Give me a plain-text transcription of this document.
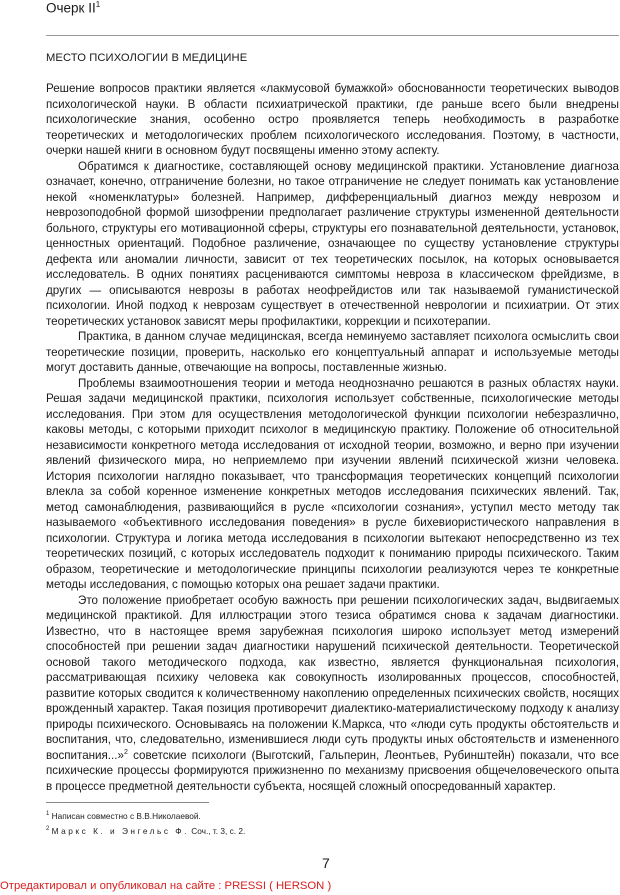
Очерк $II^1$
МЕСТО ПСИХОЛОГИИ В МЕДИЦИНЕ

Решение вопросов практики является «лакмусовой бумажкой» обоснованности теоретических выводов психологической науки. В области психиатрической практики, где раньше всего были внедрены психологические знания, особенно остро проявляется теперь необходимость в разработке теоретических и методологических проблем психологического исследования. Поэтому, в частности, очерки нашей книги в основном будут посвящены именно этому аспекту.

Обратимся к диагностике, составляющей основу медицинской практики. Установление диагноза означает, конечно, отграничение болезни, но такое отграничение не следует понимать как установление некой «номенклатуры» болезней. Например, дифференциальный диагноз между неврозом и неврозоподобной формой шизофрении предполагает различение структуры измененной деятельности больного, структуры его мотивационной сферы, структуры его познавательной деятельности, установок, ценностных ориентаций. Подобное различение, означающее по существу установление структуры дефекта или аномалии личности, зависит от тех теоретических посылок, на которых основывается исследователь. В одних понятиях расцениваются симптомы невроза в классическом фрейдизме, в других — описываются неврозы в работах неофрейдистов или так называемой гуманистической психологии. Иной подход к неврозам существует в отечественной неврологии и психиатрии. От этих теоретических установок зависят меры профилактики, коррекции и психотерапии.

Практика, в данном случае медицинская, всегда неминуемо заставляет психолога осмыслить свои теоретические позиции, проверить, насколько его концептуальный аппарат и используемые методы могут доставить данные, отвечающие на вопросы, поставленные жизнью.

Проблемы взаимоотношения теории и метода неоднозначно решаются в разных областях науки. Решая задачи медицинской практики, психология использует собственные, психологические методы исследования. При этом для осуществления методологической функции психологии небезразлично, каковы методы, с которыми приходит психолог в медицинскую практику. Положение об относительной независимости конкретного метода исследования от исходной теории, возможно, и верно при изучении явлений физического мира, но неприемлемо при изучении явлений психической жизни человека. История психологии наглядно показывает, что трансформация теоретических концепций психологии влекла за собой коренное изменение конкретных методов исследования психических явлений. Так, метод самонаблюдения, развивающийся в русле «психологии сознания», уступил место методу так называемого «объективного исследования поведения» в русле бихевиористического направления в психологии. Структура и логика метода исследования в психологии вытекают непосредственно из тех теоретических позиций, с которых исследователь подходит к пониманию природы психического. Таким образом, теоретические и методологические принципы психологии реализуются через те конкретные методы исследования, с помощью которых она решает задачи практики.

Это положение приобретает особую важность при решении психологических задач, выдвигаемых медицинской практикой. Для иллюстрации этого тезиса обратимся снова к задачам диагностики. Известно, что в настоящее время зарубежная психология широко использует метод измерений способностей при решении задач диагностики нарушений психической деятельности. Теоретической основой такого методического подхода, как известно, является функциональная психология, рассматривающая психику человека как совокупность изолированных процессов, способностей, развитие которых сводится к количественному накоплению определенных психических свойств, носящих врожденный характер. Такая позиция противоречит диалектико-материалистическому подходу к анализу природы психического. Основываясь на положении К.Маркса, что «люди суть продукты обстоятельств и воспитания, что, следовательно, изменившиеся люди суть продукты иных обстоятельств и измененного воспитания...»$^2$ советские психологи (Выготский, Гальперин, Леонтьев, Рубинштейн) показали, что все психические процессы формируются прижизненно по механизму присвоения общечеловеческого опыта в процессе предметной деятельности субъекта, носящей сложный опосредованный характер.

$^1$ Написан совместно с В.В.Николаевой.
$^2$ Маркс К. и Энгельс Ф. Соч., т. 3, с. 2.
7
Отредактировал и опубликовал на сайте : PRESSI ( HERSON )
